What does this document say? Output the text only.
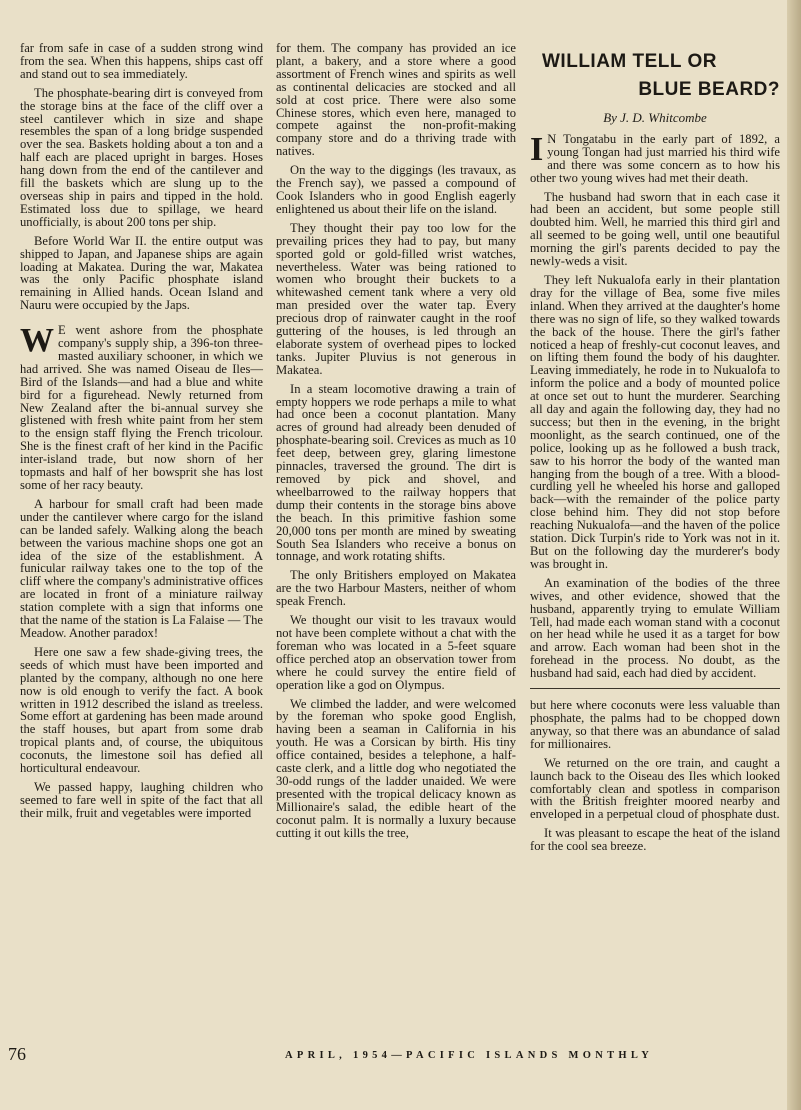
far from safe in case of a sudden strong wind from the sea. When this happens, ships cast off and stand out to sea immediately.

The phosphate-bearing dirt is conveyed from the storage bins at the face of the cliff over a steel cantilever which in size and shape resembles the span of a long bridge suspended over the sea. Baskets holding about a ton and a half each are placed upright in barges. Hoses hang down from the end of the cantilever and fill the baskets which are slung up to the overseas ship in pairs and tipped in the hold. Estimated loss due to spillage, we heard unofficially, is about 200 tons per ship.

Before World War II. the entire output was shipped to Japan, and Japanese ships are again loading at Makatea. During the war, Makatea was the only Pacific phosphate island remaining in Allied hands. Ocean Island and Nauru were occupied by the Japs.

W E went ashore from the phosphate company's supply ship, a 396-ton three-masted auxiliary schooner, in which we had arrived. She was named Oiseau de Iles—Bird of the Islands—and had a blue and white bird for a figurehead. Newly returned from New Zealand after the bi-annual survey she glistened with fresh white paint from her stem to the ensign staff flying the French tricolour. She is the finest craft of her kind in the Pacific inter-island trade, but now shorn of her topmasts and half of her bowsprit she has lost some of her racy beauty.

A harbour for small craft had been made under the cantilever where cargo for the island can be landed safely. Walking along the beach between the various machine shops one got an idea of the size of the establishment. A funicular railway takes one to the top of the cliff where the company's administrative offices are located in front of a miniature railway station complete with a sign that informs one that the name of the station is La Falaise — The Meadow. Another paradox!

Here one saw a few shade-giving trees, the seeds of which must have been imported and planted by the company, although no one here now is old enough to verify the fact. A book written in 1912 described the island as treeless. Some effort at gardening has been made around the staff houses, but apart from some drab tropical plants and, of course, the ubiquitous coconuts, the limestone soil has defied all horticultural endeavour.

We passed happy, laughing children who seemed to fare well in spite of the fact that all their milk, fruit and vegetables were imported

for them. The company has provided an ice plant, a bakery, and a store where a good assortment of French wines and spirits as well as continental delicacies are stocked and all sold at cost price. There were also some Chinese stores, which even here, managed to compete against the non-profit-making company store and do a thriving trade with natives.

On the way to the diggings (les travaux, as the French say), we passed a compound of Cook Islanders who in good English eagerly enlightened us about their life on the island.

They thought their pay too low for the prevailing prices they had to pay, but many sported gold or gold-filled wrist watches, nevertheless. Water was being rationed to women who brought their buckets to a whitewashed cement tank where a very old man presided over the water tap. Every precious drop of rainwater caught in the roof guttering of the houses, is led through an elaborate system of overhead pipes to locked tanks. Jupiter Pluvius is not generous in Makatea.

In a steam locomotive drawing a train of empty hoppers we rode perhaps a mile to what had once been a coconut plantation. Many acres of ground had already been denuded of phosphate-bearing soil. Crevices as much as 10 feet deep, between grey, glaring limestone pinnacles, traversed the ground. The dirt is removed by pick and shovel, and wheelbarrowed to the railway hoppers that dump their contents in the storage bins above the beach. In this primitive fashion some 20,000 tons per month are mined by sweating South Sea Islanders who receive a bonus on tonnage, and work rotating shifts.

The only Britishers employed on Makatea are the two Harbour Masters, neither of whom speak French.

We thought our visit to les travaux would not have been complete without a chat with the foreman who was located in a 5-feet square office perched atop an observation tower from where he could survey the entire field of operation like a god on Olympus.

We climbed the ladder, and were welcomed by the foreman who spoke good English, having been a seaman in California in his youth. He was a Corsican by birth. His tiny office contained, besides a telephone, a half-caste clerk, and a little dog who negotiated the 30-odd rungs of the ladder unaided. We were presented with the tropical delicacy known as Millionaire's salad, the edible heart of the coconut palm. It is normally a luxury because cutting it out kills the tree,

WILLIAM TELL OR
BLUE BEARD?
By J. D. Whitcombe

I N Tongatabu in the early part of 1892, a young Tongan had just married his third wife and there was some concern as to how his other two young wives had met their death.

The husband had sworn that in each case it had been an accident, but some people still doubted him. Well, he married this third girl and all seemed to be going well, until one beautiful morning the girl's parents decided to pay the newly-weds a visit.

They left Nukualofa early in their plantation dray for the village of Bea, some five miles inland. When they arrived at the daughter's home there was no sign of life, so they walked towards the back of the house. There the girl's father noticed a heap of freshly-cut coconut leaves, and on lifting them found the body of his daughter. Leaving immediately, he rode in to Nukualofa to inform the police and a body of mounted police at once set out to hunt the murderer. Searching all day and again the following day, they had no success; but then in the evening, in the bright moonlight, as the search continued, one of the police, looking up as he followed a bush track, saw to his horror the body of the wanted man hanging from the bough of a tree. With a blood-curdling yell he wheeled his horse and galloped back—with the remainder of the police party close behind him. They did not stop before reaching Nukualofa—and the haven of the police station. Dick Turpin's ride to York was not in it. But on the following day the murderer's body was brought in.

An examination of the bodies of the three wives, and other evidence, showed that the husband, apparently trying to emulate William Tell, had made each woman stand with a coconut on her head while he used it as a target for bow and arrow. Each woman had been shot in the forehead in the process. No doubt, as the husband had said, each had died by accident.

but here where coconuts were less valuable than phosphate, the palms had to be chopped down anyway, so that there was an abundance of salad for millionaires.

We returned on the ore train, and caught a launch back to the Oiseau des Iles which looked comfortably clean and spotless in comparison with the British freighter moored nearby and enveloped in a perpetual cloud of phosphate dust.

It was pleasant to escape the heat of the island for the cool sea breeze.

76	APRIL, 1954—PACIFIC ISLANDS MONTHLY
